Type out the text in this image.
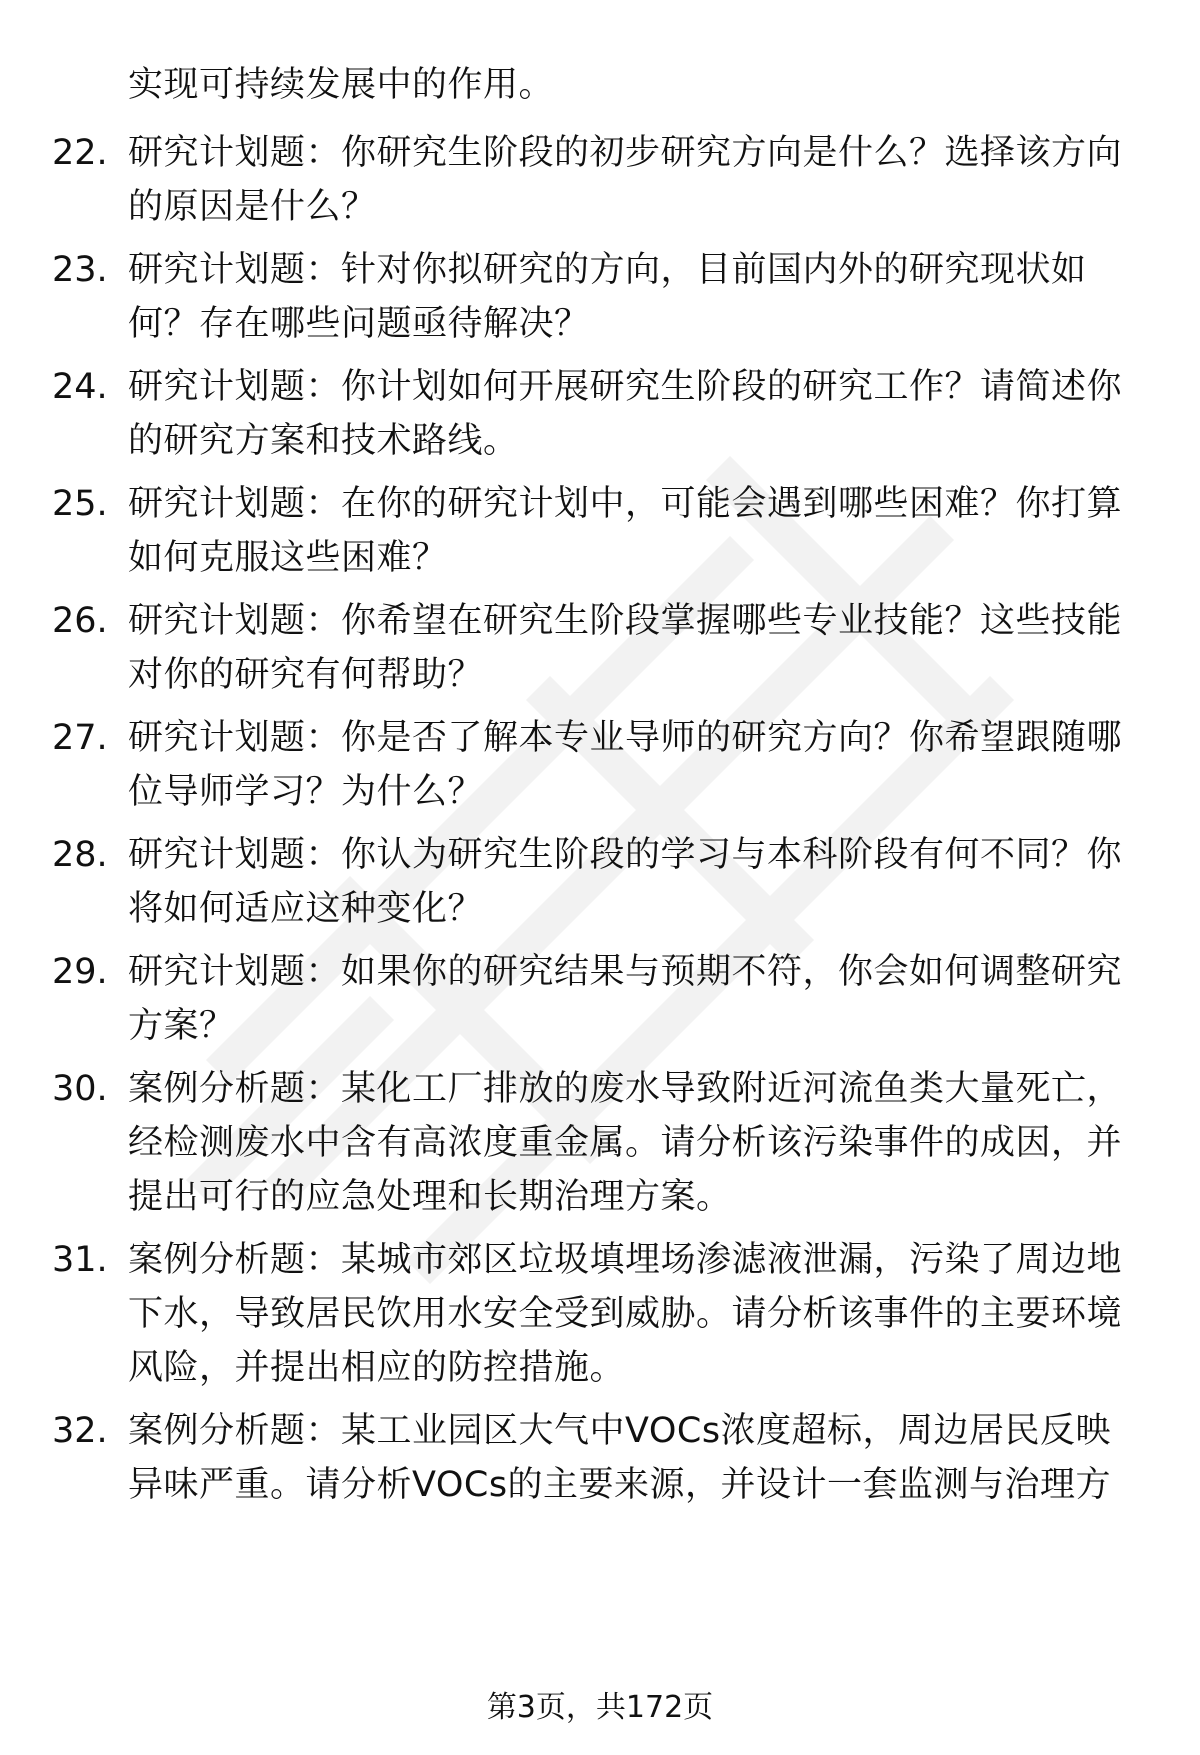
实现可持续发展中的作用。
22. 研究计划题：你研究生阶段的初步研究方向是什么？选择该方向
的原因是什么？
23. 研究计划题：针对你拟研究的方向，目前国内外的研究现状如
何？存在哪些问题亟待解决？
24. 研究计划题：你计划如何开展研究生阶段的研究工作？请简述你
的研究方案和技术路线。
25. 研究计划题：在你的研究计划中，可能会遇到哪些困难？你打算
如何克服这些困难？
26. 研究计划题：你希望在研究生阶段掌握哪些专业技能？这些技能
对你的研究有何帮助？
27. 研究计划题：你是否了解本专业导师的研究方向？你希望跟随哪
位导师学习？为什么？
28. 研究计划题：你认为研究生阶段的学习与本科阶段有何不同？你
将如何适应这种变化？
29. 研究计划题：如果你的研究结果与预期不符，你会如何调整研究
方案？
30. 案例分析题：某化工厂排放的废水导致附近河流鱼类大量死亡，
经检测废水中含有高浓度重金属。请分析该污染事件的成因，并
提出可行的应急处理和长期治理方案。
31. 案例分析题：某城市郊区垃圾填埋场渗滤液泄漏，污染了周边地
下水，导致居民饮用水安全受到威胁。请分析该事件的主要环境
风险，并提出相应的防控措施。
32. 案例分析题：某工业园区大气中VOCs浓度超标，周边居民反映
异味严重。请分析VOCs的主要来源，并设计一套监测与治理方
第3页，共172页
